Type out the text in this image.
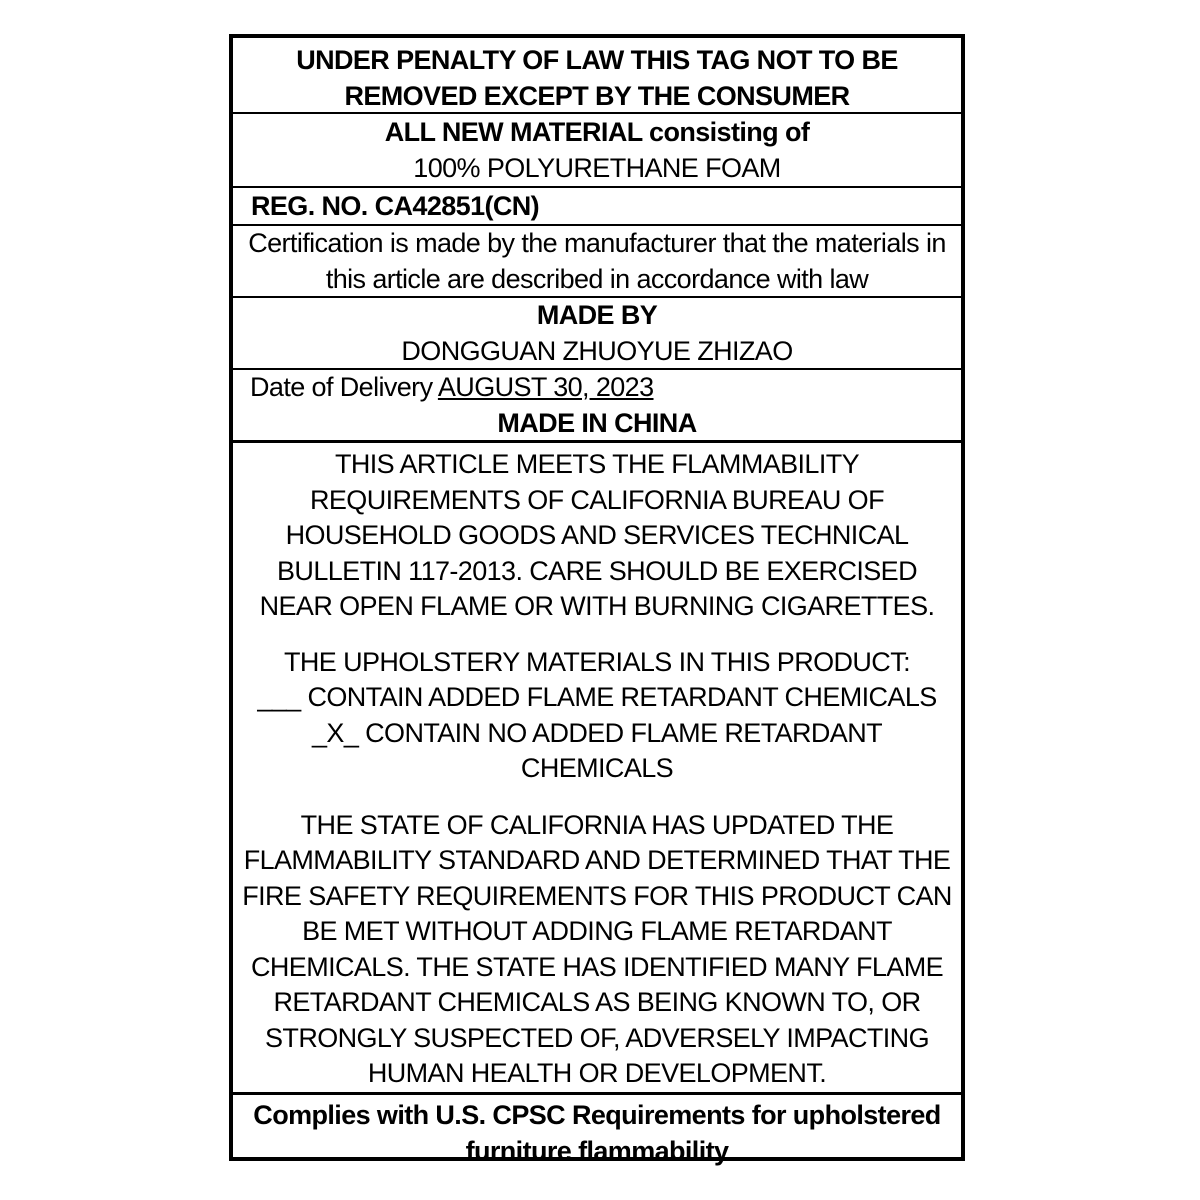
UNDER PENALTY OF LAW THIS TAG NOT TO BE
REMOVED EXCEPT BY THE CONSUMER
ALL NEW MATERIAL consisting of
100% POLYURETHANE FOAM
REG. NO. CA42851(CN)
Certification is made by the manufacturer that the materials in
this article are described in accordance with law
MADE BY
DONGGUAN ZHUOYUE ZHIZAO
Date of Delivery AUGUST 30, 2023
MADE IN CHINA
THIS ARTICLE MEETS THE FLAMMABILITY
REQUIREMENTS OF CALIFORNIA BUREAU OF
HOUSEHOLD GOODS AND SERVICES TECHNICAL
BULLETIN 117-2013. CARE SHOULD BE EXERCISED
NEAR OPEN FLAME OR WITH BURNING CIGARETTES.
THE UPHOLSTERY MATERIALS IN THIS PRODUCT:
___ CONTAIN ADDED FLAME RETARDANT CHEMICALS
_X_ CONTAIN NO ADDED FLAME RETARDANT
CHEMICALS
THE STATE OF CALIFORNIA HAS UPDATED THE
FLAMMABILITY STANDARD AND DETERMINED THAT THE
FIRE SAFETY REQUIREMENTS FOR THIS PRODUCT CAN
BE MET WITHOUT ADDING FLAME RETARDANT
CHEMICALS. THE STATE HAS IDENTIFIED MANY FLAME
RETARDANT CHEMICALS AS BEING KNOWN TO, OR
STRONGLY SUSPECTED OF, ADVERSELY IMPACTING
HUMAN HEALTH OR DEVELOPMENT.
Complies with U.S. CPSC Requirements for upholstered
furniture flammability
